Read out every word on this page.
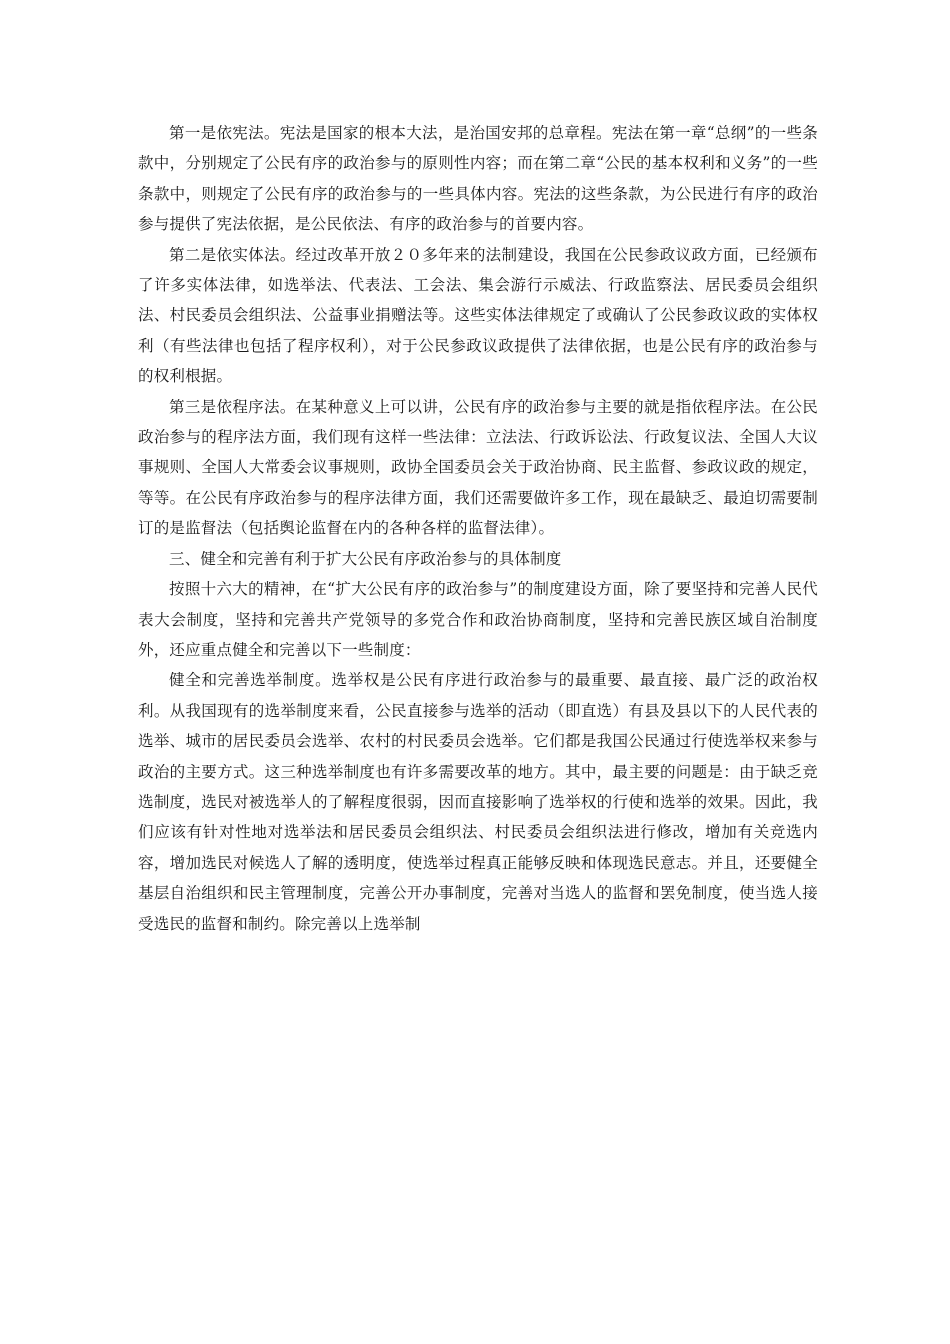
第一是依宪法。宪法是国家的根本大法，是治国安邦的总章程。宪法在第一章“总纲”的一些条款中，分别规定了公民有序的政治参与的原则性内容；而在第二章“公民的基本权利和义务”的一些条款中，则规定了公民有序的政治参与的一些具体内容。宪法的这些条款，为公民进行有序的政治参与提供了宪法依据，是公民依法、有序的政治参与的首要内容。

第二是依实体法。经过改革开放２０多年来的法制建设，我国在公民参政议政方面，已经颁布了许多实体法律，如选举法、代表法、工会法、集会游行示威法、行政监察法、居民委员会组织法、村民委员会组织法、公益事业捐赠法等。这些实体法律规定了或确认了公民参政议政的实体权利（有些法律也包括了程序权利），对于公民参政议政提供了法律依据，也是公民有序的政治参与的权利根据。

第三是依程序法。在某种意义上可以讲，公民有序的政治参与主要的就是指依程序法。在公民政治参与的程序法方面，我们现有这样一些法律：立法法、行政诉讼法、行政复议法、全国人大议事规则、全国人大常委会议事规则，政协全国委员会关于政治协商、民主监督、参政议政的规定，等等。在公民有序政治参与的程序法律方面，我们还需要做许多工作，现在最缺乏、最迫切需要制订的是监督法（包括舆论监督在内的各种各样的监督法律）。

三、健全和完善有利于扩大公民有序政治参与的具体制度

按照十六大的精神，在“扩大公民有序的政治参与”的制度建设方面，除了要坚持和完善人民代表大会制度，坚持和完善共产党领导的多党合作和政治协商制度，坚持和完善民族区域自治制度外，还应重点健全和完善以下一些制度：

健全和完善选举制度。选举权是公民有序进行政治参与的最重要、最直接、最广泛的政治权利。从我国现有的选举制度来看，公民直接参与选举的活动（即直选）有县及县以下的人民代表的选举、城市的居民委员会选举、农村的村民委员会选举。它们都是我国公民通过行使选举权来参与政治的主要方式。这三种选举制度也有许多需要改革的地方。其中，最主要的问题是：由于缺乏竞选制度，选民对被选举人的了解程度很弱，因而直接影响了选举权的行使和选举的效果。因此，我们应该有针对性地对选举法和居民委员会组织法、村民委员会组织法进行修改，增加有关竞选内容，增加选民对候选人了解的透明度，使选举过程真正能够反映和体现选民意志。并且，还要健全基层自治组织和民主管理制度，完善公开办事制度，完善对当选人的监督和罢免制度，使当选人接受选民的监督和制约。除完善以上选举制
